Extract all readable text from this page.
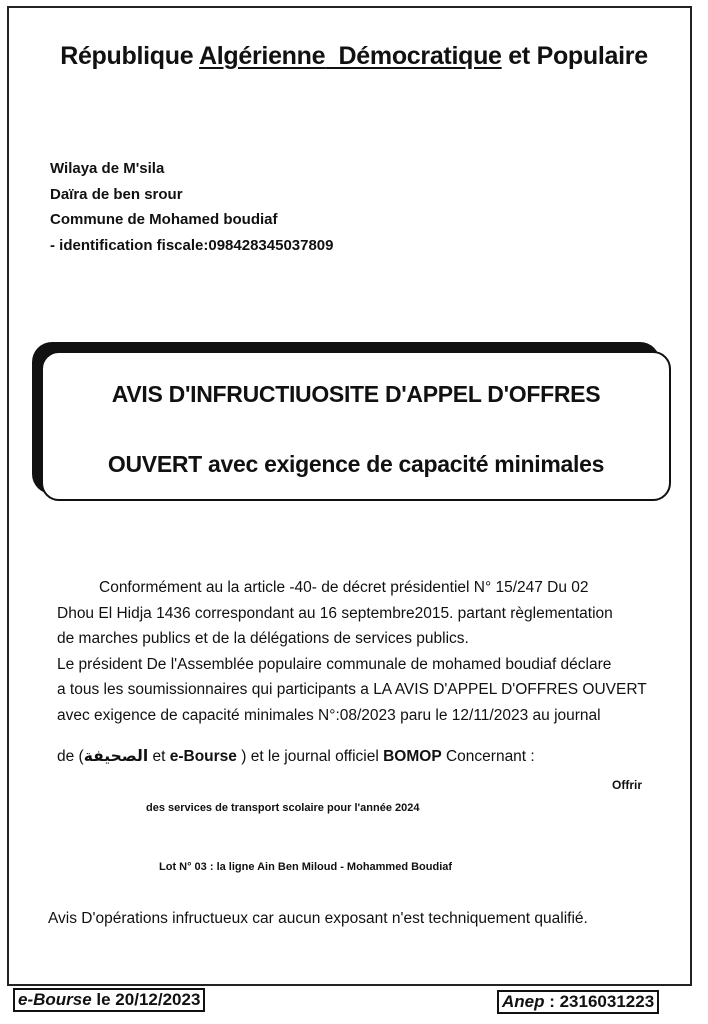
République Algérienne Démocratique et Populaire
Wilaya de M'sila
Daïra de ben srour
Commune de Mohamed boudiaf
- identification fiscale:098428345037809
AVIS D'INFRUCTIUOSITE D'APPEL D'OFFRES
OUVERT avec exigence de capacité minimales

Conformément au la article -40- de décret présidentiel N° 15/247 Du 02

Dhou El Hidja 1436 correspondant au 16 septembre2015. partant règlementation

de marches publics et de la délégations de services publics.

Le président De l'Assemblée populaire communale de mohamed boudiaf déclare

a tous les soumissionnaires qui participants a LA AVIS D'APPEL D'OFFRES OUVERT

avec exigence de capacité minimales N°:08/2023 paru le 12/11/2023 au journal

de (الصحيفة et e-Bourse ) et le journal officiel BOMOP Concernant :

Offrir
des services de transport scolaire pour l'année 2024
Lot N° 03 : la ligne Ain Ben Miloud - Mohammed Boudiaf
Avis D'opérations infructueux car aucun exposant n'est techniquement qualifié.
e-Bourse le 20/12/2023	Anep : 2316031223
